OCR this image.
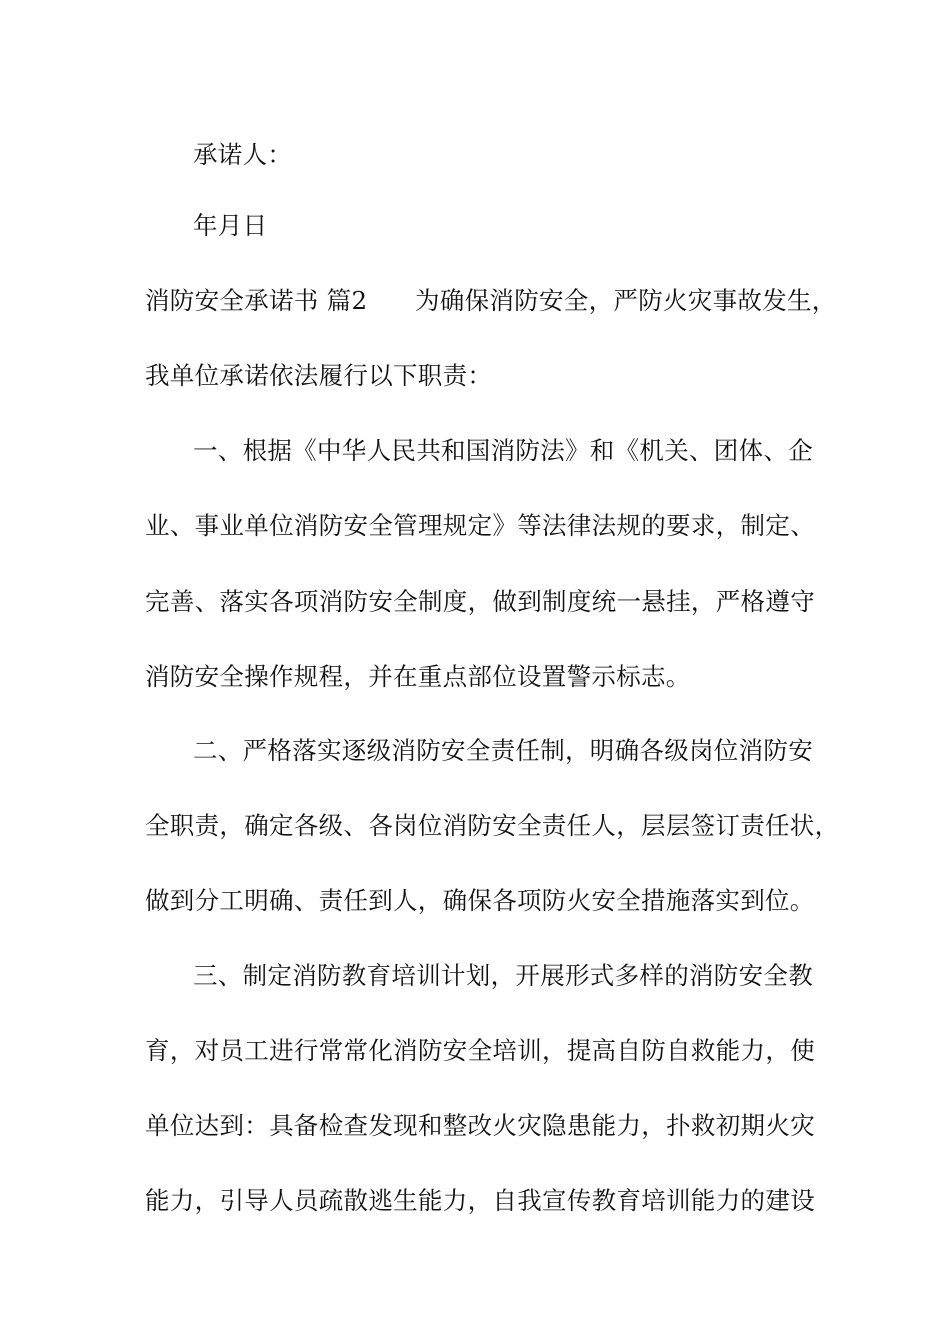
承诺人：
年月日
消防安全承诺书 篇2 为确保消防安全，严防火灾事故发生，
我单位承诺依法履行以下职责：
一、根据《中华人民共和国消防法》和《机关、团体、企
业、事业单位消防安全管理规定》等法律法规的要求，制定、
完善、落实各项消防安全制度，做到制度统一悬挂，严格遵守
消防安全操作规程，并在重点部位设置警示标志。
二、严格落实逐级消防安全责任制，明确各级岗位消防安
全职责，确定各级、各岗位消防安全责任人，层层签订责任状，
做到分工明确、责任到人，确保各项防火安全措施落实到位。
三、制定消防教育培训计划，开展形式多样的消防安全教
育，对员工进行常常化消防安全培训，提高自防自救能力，使
单位达到：具备检查发现和整改火灾隐患能力，扑救初期火灾
能力，引导人员疏散逃生能力，自我宣传教育培训能力的建设
